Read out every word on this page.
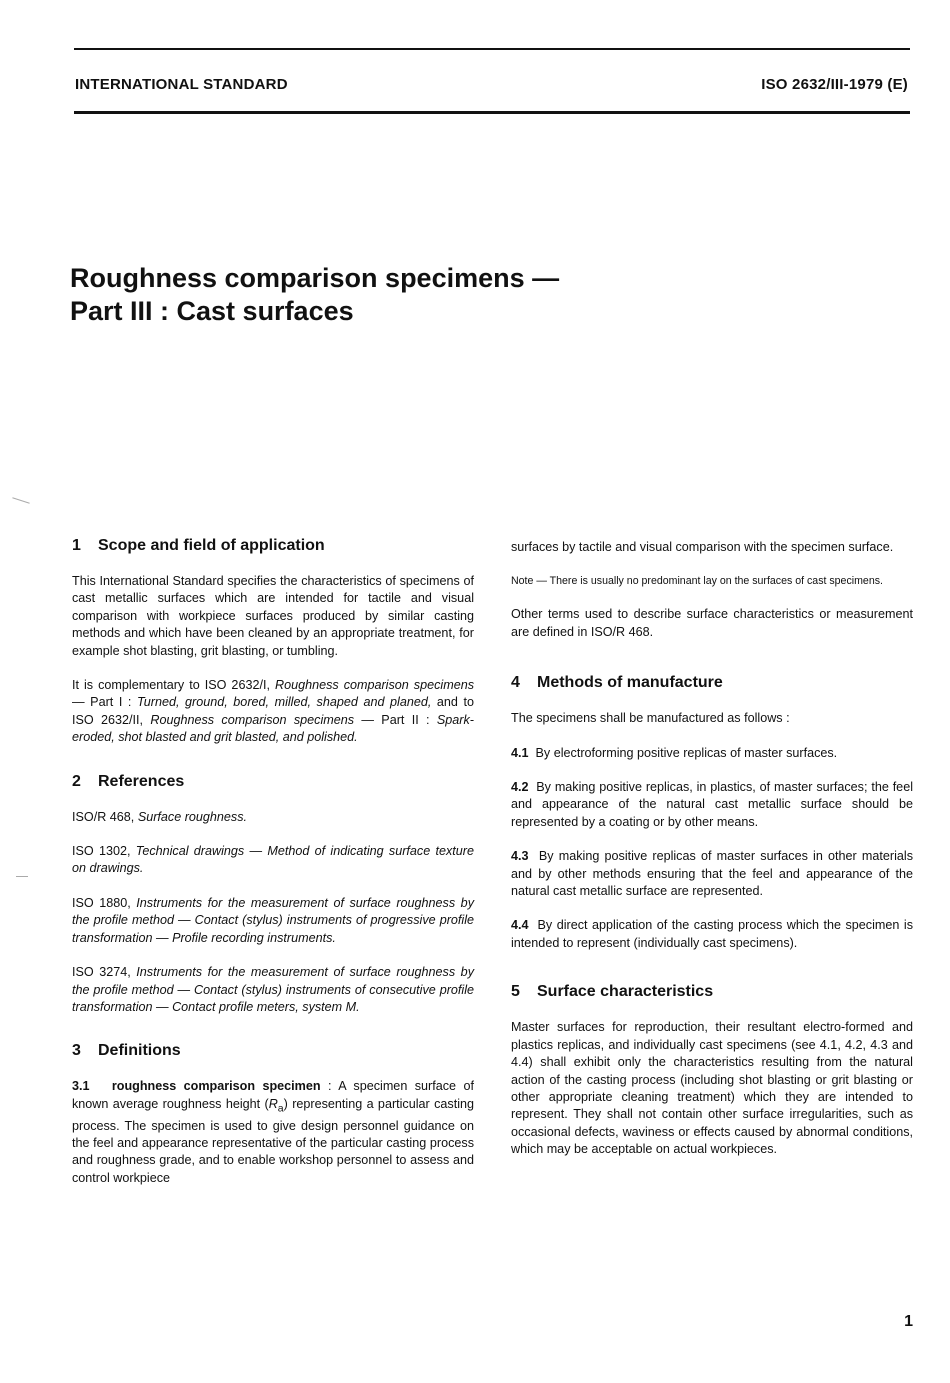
INTERNATIONAL STANDARD	ISO 2632/III-1979 (E)
Roughness comparison specimens —
Part III : Cast surfaces
1 Scope and field of application

This International Standard specifies the characteristics of specimens of cast metallic surfaces which are intended for tactile and visual comparison with workpiece surfaces produced by similar casting methods and which have been cleaned by an appropriate treatment, for example shot blasting, grit blasting, or tumbling.

It is complementary to ISO 2632/I, Roughness comparison specimens — Part I : Turned, ground, bored, milled, shaped and planed, and to ISO 2632/II, Roughness comparison specimens — Part II : Spark-eroded, shot blasted and grit blasted, and polished.

2 References

ISO/R 468, Surface roughness.

ISO 1302, Technical drawings — Method of indicating surface texture on drawings.

ISO 1880, Instruments for the measurement of surface roughness by the profile method — Contact (stylus) instruments of progressive profile transformation — Profile recording instruments.

ISO 3274, Instruments for the measurement of surface roughness by the profile method — Contact (stylus) instruments of consecutive profile transformation — Contact profile meters, system M.

3 Definitions

3.1 roughness comparison specimen : A specimen surface of known average roughness height $(R_a)$ representing a particular casting process. The specimen is used to give design personnel guidance on the feel and appearance representative of the particular casting process and roughness grade, and to enable workshop personnel to assess and control workpiece

surfaces by tactile and visual comparison with the specimen surface.

Note — There is usually no predominant lay on the surfaces of cast specimens.

Other terms used to describe surface characteristics or measurement are defined in ISO/R 468.

4 Methods of manufacture

The specimens shall be manufactured as follows :

4.1 By electroforming positive replicas of master surfaces.

4.2 By making positive replicas, in plastics, of master surfaces; the feel and appearance of the natural cast metallic surface should be represented by a coating or by other means.

4.3 By making positive replicas of master surfaces in other materials and by other methods ensuring that the feel and appearance of the natural cast metallic surface are represented.

4.4 By direct application of the casting process which the specimen is intended to represent (individually cast specimens).

5 Surface characteristics

Master surfaces for reproduction, their resultant electro-formed and plastics replicas, and individually cast specimens (see 4.1, 4.2, 4.3 and 4.4) shall exhibit only the characteristics resulting from the natural action of the casting process (including shot blasting or grit blasting or other appropriate cleaning treatment) which they are intended to represent. They shall not contain other surface irregularities, such as occasional defects, waviness or effects caused by abnormal conditions, which may be acceptable on actual workpieces.

1
